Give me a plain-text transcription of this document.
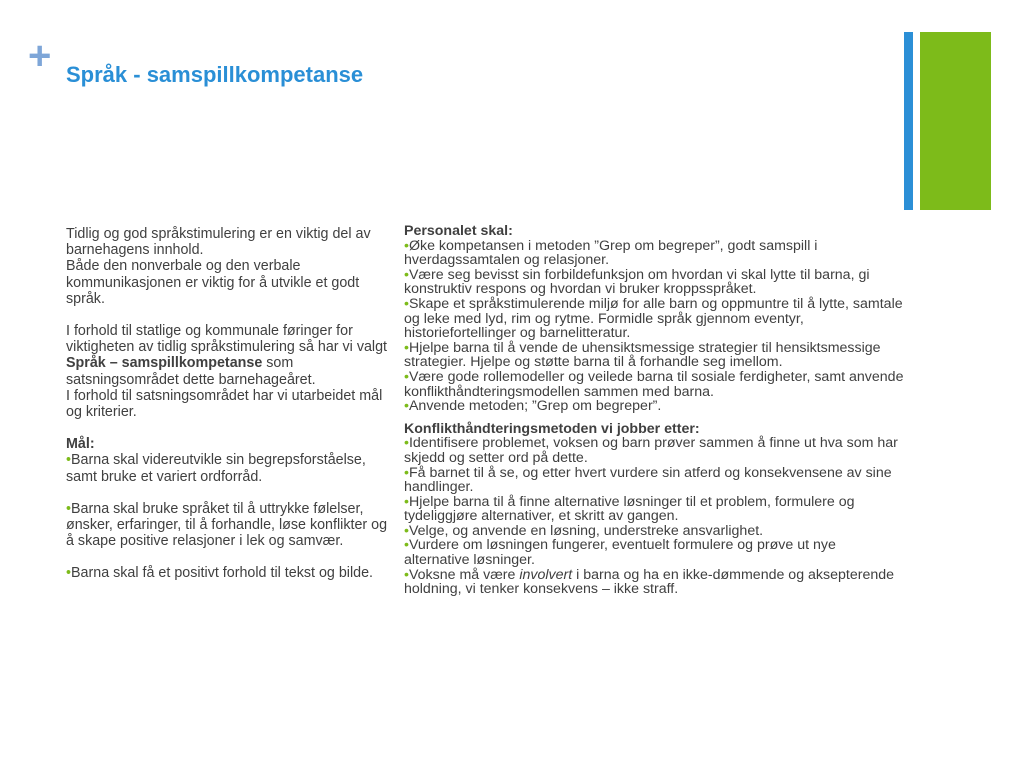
+ Språk - samspillkompetanse

Tidlig og god språkstimulering er en viktig del av barnehagens innhold.

Både den nonverbale og den verbale kommunikasjonen er viktig for å utvikle et godt språk.

I forhold til statlige og kommunale føringer for viktigheten av tidlig språkstimulering så har vi valgt Språk – samspillkompetanse som satsningsområdet dette barnehageåret.

I forhold til satsningsområdet har vi utarbeidet mål og kriterier.

Mål:

•Barna skal videreutvikle sin begrepsforståelse, samt bruke et variert ordforråd.

•Barna skal bruke språket til å uttrykke følelser, ønsker, erfaringer, til å forhandle, løse konflikter og å skape positive relasjoner i lek og samvær.

•Barna skal få et positivt forhold til tekst og bilde.

Personalet skal:

•Øke kompetansen i metoden ”Grep om begreper”, godt samspill i hverdagssamtalen og relasjoner.

•Være seg bevisst sin forbildefunksjon om hvordan vi skal lytte til barna, gi konstruktiv respons og hvordan vi bruker kroppsspråket.

•Skape et språkstimulerende miljø for alle barn og oppmuntre til å lytte, samtale og leke med lyd, rim og rytme. Formidle språk gjennom eventyr, historiefortellinger og barnelitteratur.

•Hjelpe barna til å vende de uhensiktsmessige strategier til hensiktsmessige strategier. Hjelpe og støtte barna til å forhandle seg imellom.

•Være gode rollemodeller og veilede barna til sosiale ferdigheter, samt anvende konflikthåndteringsmodellen sammen med barna.

•Anvende metoden; ”Grep om begreper”.

Konflikthåndteringsmetoden vi jobber etter:

•Identifisere problemet, voksen og barn prøver sammen å finne ut hva som har skjedd og setter ord på dette.

•Få barnet til å se, og etter hvert vurdere sin atferd og konsekvensene av sine handlinger.

•Hjelpe barna til å finne alternative løsninger til et problem, formulere og tydeliggjøre alternativer, et skritt av gangen.

•Velge, og anvende en løsning, understreke ansvarlighet.

•Vurdere om løsningen fungerer, eventuelt formulere og prøve ut nye alternative løsninger.

•Voksne må være involvert i barna og ha en ikke-dømmende og aksepterende holdning, vi tenker konsekvens – ikke straff.
